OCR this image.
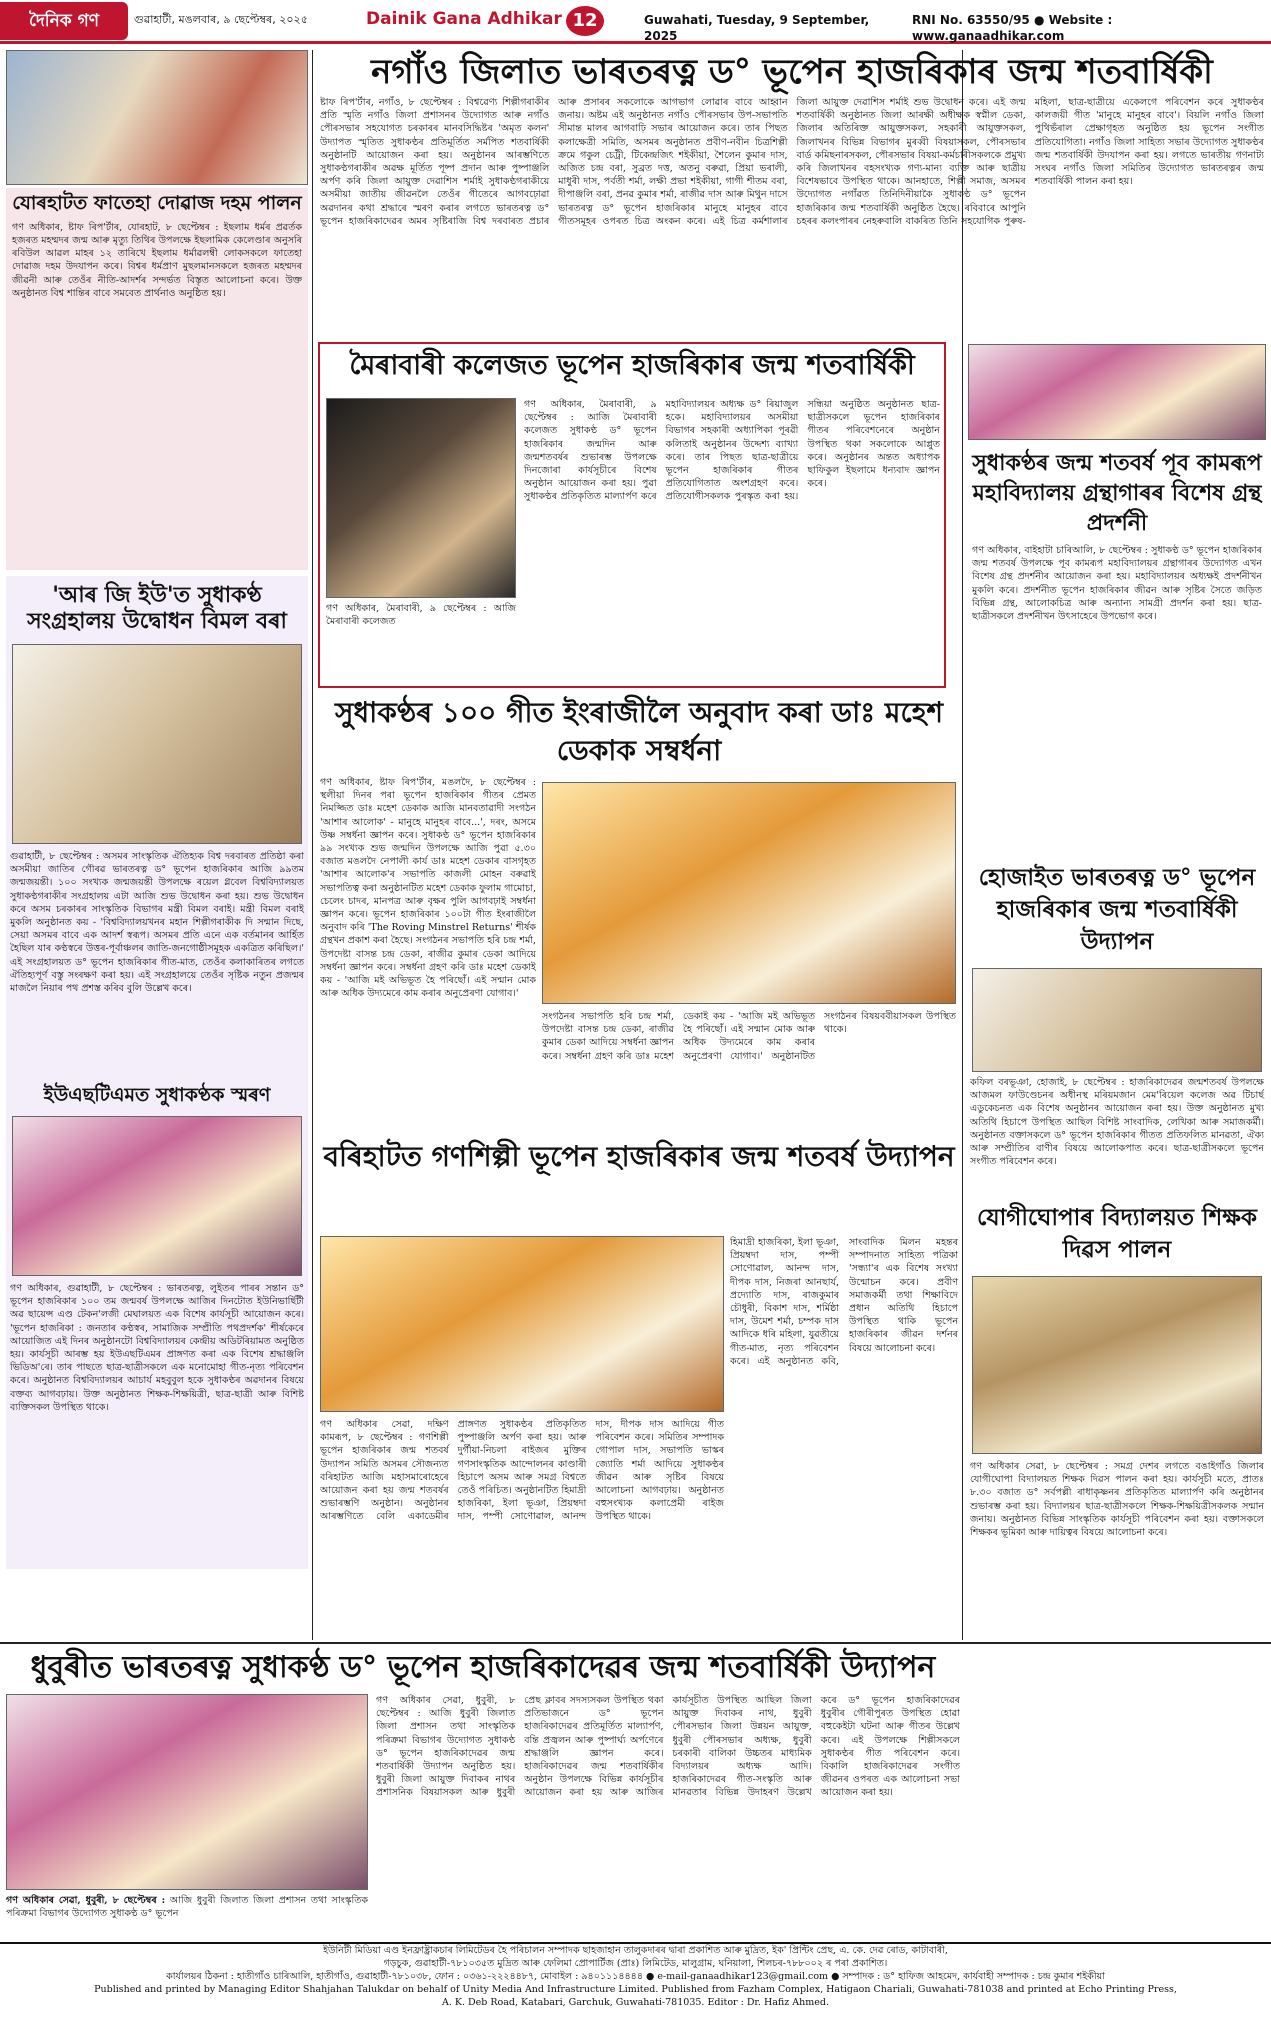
দৈনিক গণ	গুৱাহাটী, মঙলবাৰ, ৯ ছেপ্টেম্বৰ, ২০২৫	Dainik Gana Adhikar 12	Guwahati, Tuesday, 9 September, 2025
RNI No. 63550/95 ● Website : www.ganaadhikar.com
যোৰহাটত ফাতেহা দোৱাজ দহম পালন
গণ অধিকাৰ, ষ্টাফ ৰিপ'ৰ্টাৰ, যোৰহাট, ৮ ছেপ্টেম্বৰ : ইছলাম ধৰ্মৰ প্ৰৱৰ্তক হজৰত মহম্মদৰ জন্ম আৰু মৃত্যু তিথিৰ উপলক্ষে ইছলামিক কেলেণ্ডাৰ অনুসৰি ৰবিউল আৱল মাহৰ ১২ তাৰিখে ইছলাম ধৰ্মাৱলম্বী লোকসকলে ফাতেহা দোৱাজ দহম উদযাপন কৰে। বিশ্বৰ ধৰ্মপ্ৰাণ মুছলমানসকলে হজৰত মহম্মদৰ জীৱনী আৰু তেওঁৰ নীতি-আদৰ্শৰ সন্দৰ্ভত বিস্তৃত আলোচনা কৰে। উক্ত অনুষ্ঠানত বিশ্ব শান্তিৰ বাবে সমবেত প্ৰাৰ্থনাও অনুষ্ঠিত হয়।
'আৰ জি ইউ'ত সুধাকণ্ঠ সংগ্ৰহালয় উদ্বোধন বিমল বৰা
গুৱাহাটী, ৮ ছেপ্টেম্বৰ : অসমৰ সাংস্কৃতিক ঐতিহ্যক বিশ্ব দৰবাৰত প্ৰতিষ্ঠা কৰা অসমীয়া জাতিৰ গৌৰৱ ভাৰতৰত্ন ড° ভূপেন হাজৰিকাৰ আজি ৯৯তম জন্মজয়ন্তী। ১০০ সংখ্যক জন্মজয়ন্তী উপলক্ষে ৰয়েল গ্লবেল বিশ্ববিদ্যালয়ত সুধাকণ্ঠগৰাকীৰ সংগ্ৰহালয় এটা আজি শুভ উদ্বোধন কৰা হয়। শুভ উদ্বোধন কৰে অসম চৰকাৰৰ সাংস্কৃতিক বিভাগৰ মন্ত্ৰী বিমল বৰাই। মন্ত্ৰী বিমল বৰাই মুকলি অনুষ্ঠানত কয় - 'বিশ্ববিদ্যালয়খনৰ মহান শিল্পীগৰাকীক দি সন্মান দিছে, সেয়া অসমৰ বাবে এক আদৰ্শ স্বৰূপ। অসমৰ প্ৰতি এনে এক বৰ্তমানৰ আৰ্হিত হৈছিল যাৰ কণ্ঠস্বৰে উত্তৰ-পূৰ্বাঞ্চলৰ জাতি-জনগোষ্ঠীসমূহক একত্ৰিত কৰিছিল।' এই সংগ্ৰহালয়ত ড° ভূপেন হাজৰিকাৰ গীত-মাত, তেওঁৰ কলাকাৰিতৰ লগতে ঐতিহ্যপূৰ্ণ বস্তু সংৰক্ষণ কৰা হয়। এই সংগ্ৰহালয়ে তেওঁৰ সৃষ্টিক নতুন প্ৰজন্মৰ মাজলৈ নিয়াৰ পথ প্ৰশস্ত কৰিব বুলি উল্লেখ কৰে।
ইউএছটিএমত সুধাকণ্ঠক স্মৰণ
গণ অধিকাৰ, গুৱাহাটী, ৮ ছেপ্টেম্বৰ : ভাৰতৰত্ন, লুইতৰ পাৰৰ সন্তান ড° ভূপেন হাজৰিকাৰ ১০০ তম জন্মবৰ্ষ উপলক্ষে আজিৰ দিনটোত ইউনিভাৰ্ছিটী অৱ ছায়েন্স এণ্ড টেকন'লজী মেঘালয়ত এক বিশেষ কাৰ্যসূচী আয়োজন কৰে। 'ভূপেন হাজৰিকা : জনতাৰ কণ্ঠস্বৰ, সামাজিক সম্প্ৰীতি পথপ্ৰদৰ্শক' শীৰ্ষকেৰে আয়োজিত এই দিনৰ অনুষ্ঠানটো বিশ্ববিদ্যালয়ৰ কেন্দ্ৰীয় অডিটৰিয়ামত অনুষ্ঠিত হয়। কাৰ্যসূচী আৰম্ভ হয় ইউএছটিএমৰ প্ৰাঙ্গণত কৰা এক বিশেষ শ্ৰদ্ধাঞ্জলি ভিডিঅ'ৰে। তাৰ পাছতে ছাত্ৰ-ছাত্ৰীসকলে এক মনোমোহা গীত-নৃত্য পৰিবেশন কৰে। অনুষ্ঠানত বিশ্ববিদ্যালয়ৰ আচাৰ্য মহবুবুল হকে সুধাকণ্ঠৰ অৱদানৰ বিষয়ে বক্তব্য আগবঢ়ায়। উক্ত অনুষ্ঠানত শিক্ষক-শিক্ষয়িত্ৰী, ছাত্ৰ-ছাত্ৰী আৰু বিশিষ্ট ব্যক্তিসকল উপস্থিত থাকে।
নগাঁও জিলাত ভাৰতৰত্ন ড° ভূপেন হাজৰিকাৰ জন্ম শতবাৰ্ষিকী
ষ্টাফ ৰিপ'ৰ্টাৰ, নগাঁও, ৮ ছেপ্টেম্বৰ : বিশ্বৱেণ্য শিল্পীগৰাকীৰ প্ৰতি স্মৃতি নগাঁও জিলা প্ৰশাসনৰ উদ্যোগত আৰু নগাঁও পৌৰসভাৰ সহযোগত চৰকাৰৰ মানবসিদ্ধিষ্টৰ 'অমৃত কলন' উদ্যাপত স্মৃতিত সুধাকণ্ঠৰ প্ৰতিমূৰ্তিত সৰ্মপিত শতবাৰ্ষিকী অনুষ্ঠানটি আয়োজন কৰা হয়। অনুষ্ঠানৰ আৰম্ভণিতে সুধাকণ্ঠগৰাকীৰ অৱক্ষ মূৰ্তিত পূষ্প প্ৰদান আৰু পুষ্পাঞ্জলি অৰ্পণ কৰি জিলা আয়ুক্ত দেৱাশিস শৰ্মাই সুধাকণ্ঠগৰাকীয়ে অসমীয়া জাতীয় জীৱনলৈ তেওঁৰ গীতেৰে আগবঢ়োৱা অৱদানৰ কথা শ্ৰদ্ধাৰে স্মৰণ কৰাৰ লগতে ভাৰতৰত্ন ড° ভূপেন হাজৰিকাদেৱৰ অমৰ সৃষ্টিৰাজি বিশ্ব দৰবাৰত প্ৰচাৰ আৰু প্ৰসাৰৰ সকলোকে আগভাগ লোৱাৰ বাবে আহ্বান জনায়। অষ্টম এই অনুষ্ঠানত নগাঁও পৌৰসভাৰ উপ-সভাপতি সীমান্ত মালৰ আগবাঢ়ি সভাৰ আয়োজন কৰে। তাৰ পিছত কলাক্ষেত্ৰী সমিতি, অসমৰ অনুষ্ঠানত প্ৰবীণ-নবীন চিত্ৰশিল্পী ক্ৰমে গকুল চেট্ৰী, টিকেন্দ্ৰজিৎ শইকীয়া, শৈলেন কুমাৰ দাস, অজিত চন্দ্ৰ বৰা, সুব্ৰত দত্ত, অতনু বৰুৱা, প্ৰিয়া ভৰালী, মাধুৰী দাস, পৰ্বতী শৰ্মা, লক্ষী প্ৰভা শইকীয়া, গাগী শীতম বৰা, দীপাঞ্জলি বৰা, প্ৰনৱ কুমাৰ শৰ্মা, ৰাজীৱ দাস আৰু মিথুন দাসে ভাৰতৰত্ন ড° ভূপেন হাজৰিকাৰ মানুহে মানুহৰ বাবে গীতসমূহৰ ওপৰত চিত্ৰ অংকন কৰে। এই চিত্ৰ কৰ্মশালাৰ জিলা আয়ুক্ত দেৱাশিস শৰ্মাই শুভ উদ্বোধন কৰে। এই জন্ম শতবাৰ্ষিকী অনুষ্ঠানত জিলা আৰক্ষী অধীক্ষক স্বপ্নীল ডেকা, জিলাৰ অতিৰিক্ত আয়ুক্তসকল, সহকাৰী আয়ুক্তসকল, জিলাখনৰ বিভিন্ন বিভাগৰ মুৰব্বী বিষয়াসকল, পৌৰসভাৰ বাৰ্ড কমিছনাৰসকল, পৌৰসভাৰ বিষয়া-কৰ্মচাৰীসকলকে প্ৰমুখ্য কৰি জিলাখনৰ বহসংখ্যক গণ্য-মান্য ব্যক্তি আৰু ছাত্ৰীয় বিশেষভাবে উপস্থিত থাকে। আনহাতে, শিল্পী সমাজ, অসমৰ উদ্যোগত নগাঁৱত তিনিদিনীয়াকৈ সুধাকণ্ঠ ড° ভূপেন হাজৰিকাৰ জন্ম শতবাৰ্ষিকী অনুষ্ঠিত হৈছে। ৰবিবাৰে আপুনি চহৰৰ কলংপাৰৰ নেহৰুবালি বাকৰিত তিনি সহযোগিক পুৰুষ-মহিলা, ছাত্ৰ-ছাত্ৰীয়ে একেলগে পৰিবেশন কৰে সুধাকণ্ঠৰ কালজয়ী গীত 'মানুহে মানুহৰ বাবে'। বিয়লি নগাঁও জিলা পুথিভঁৰাল প্ৰেক্ষাগৃহত অনুষ্ঠিত হয় ভূপেন সংগীত প্ৰতিযোগিতা। নগাঁও জিলা সাহিত্য সভাৰ উদ্যোগত সুধাকণ্ঠৰ জন্ম শতবাৰ্ষিকী উদযাপন কৰা হয়। লগতে ভাৰতীয় গণনাট্য সংঘৰ নগাঁও জিলা সমিতিৰ উদ্যোগত ভাৰতৰত্নৰ জন্ম শতবাৰ্ষিকী পালন কৰা হয়।
মৈৰাবাৰী কলেজত ভূপেন হাজৰিকাৰ জন্ম শতবাৰ্ষিকী
গণ অধিকাৰ, মৈৰাবাৰী, ৯ ছেপ্টেম্বৰ : আজি মৈৰাবাৰী কলেজত
গণ অধিকাৰ, মৈৰাবাৰী, ৯ ছেপ্টেম্বৰ : আজি মৈৰাবাৰী কলেজত সুধাকণ্ঠ ড° ভূপেন হাজৰিকাৰ জন্মদিন আৰু জন্মশতবৰ্ষৰ শুভাৰম্ভ উপলক্ষে দিনজোৰা কাৰ্যসূচীৰে বিশেষ অনুষ্ঠান আয়োজন কৰা হয়। পুৱা সুধাকণ্ঠৰ প্ৰতিকৃতিত মাল্যাৰ্পণ কৰে মহাবিদ্যালয়ৰ অধ্যক্ষ ড° ৰিয়াজুল হকে। মহাবিদ্যালয়ৰ অসমীয়া বিভাগৰ সহকাৰী অধ্যাপিকা পূৰৱী কলিতাই অনুষ্ঠানৰ উদ্দেশ্য ব্যাখ্যা কৰে। তাৰ পিছত ছাত্ৰ-ছাত্ৰীয়ে ভূপেন হাজৰিকাৰ গীতৰ প্ৰতিযোগিতাত অংশগ্ৰহণ কৰে। প্ৰতিযোগীসকলক পুৰস্কৃত কৰা হয়। সন্ধিয়া অনুষ্ঠিত অনুষ্ঠানত ছাত্ৰ-ছাত্ৰীসকলে ভূপেন হাজৰিকাৰ গীতৰ পৰিবেশনেৰে অনুষ্ঠান উপস্থিত থকা সকলোকে আপ্লুত কৰে। অনুষ্ঠানৰ অন্তত অধ্যাপক ছাফিকুল ইছলামে ধন্যবাদ জ্ঞাপন কৰে।
সুধাকণ্ঠৰ জন্ম শতবৰ্ষ পূব কামৰূপ মহাবিদ্যালয় গ্ৰন্থাগাৰৰ বিশেষ গ্ৰন্থ প্ৰদৰ্শনী
গণ অধিকাৰ, বাইহাটা চাৰিআলি, ৮ ছেপ্টেম্বৰ : সুধাকণ্ঠ ড° ভূপেন হাজৰিকাৰ জন্ম শতবৰ্ষ উপলক্ষে পূব কামৰূপ মহাবিদ্যালয়ৰ গ্ৰন্থাগাৰৰ উদ্যোগত এখন বিশেষ গ্ৰন্থ প্ৰদৰ্শনীৰ আয়োজন কৰা হয়। মহাবিদ্যালয়ৰ অধ্যক্ষই প্ৰদৰ্শনীখন মুকলি কৰে। প্ৰদৰ্শনীত ভূপেন হাজৰিকাৰ জীৱন আৰু সৃষ্টিৰ সৈতে জড়িত বিভিন্ন গ্ৰন্থ, আলোকচিত্ৰ আৰু অন্যান্য সামগ্ৰী প্ৰদৰ্শন কৰা হয়। ছাত্ৰ-ছাত্ৰীসকলে প্ৰদৰ্শনীখন উৎসাহেৰে উপভোগ কৰে।
হোজাইত ভাৰতৰত্ন ড° ভূপেন হাজৰিকাৰ জন্ম শতবাৰ্ষিকী উদ্যাপন
কফিল বৰভূঞা, হোজাই, ৮ ছেপ্টেম্বৰ : হাজৰিকাদেৱৰ জন্মশতবৰ্ষ উপলক্ষে আজমল ফাউণ্ডেচনৰ অধীনস্থ মৰিয়মজান মেম'ৰিয়েল কলেজ অৱ টিচাৰ্ছ এডুকেচনত এক বিশেষ অনুষ্ঠানৰ আয়োজন কৰা হয়। উক্ত অনুষ্ঠানত মুখ্য অতিথি হিচাপে উপস্থিত আছিল বিশিষ্ট সাংবাদিক, লেখিকা আৰু সমাজকৰ্মী। অনুষ্ঠানত বক্তাসকলে ড° ভূপেন হাজৰিকাৰ গীতত প্ৰতিফলিত মানৱতা, ঐক্য আৰু সম্প্ৰীতিৰ বাণীৰ বিষয়ে আলোকপাত কৰে। ছাত্ৰ-ছাত্ৰীসকলে ভূপেন সংগীত পৰিবেশন কৰে।
যোগীঘোপাৰ বিদ্যালয়ত শিক্ষক দিৱস পালন
গণ অধিকাৰ সেৱা, ৮ ছেপ্টেম্বৰ : সমগ্ৰ দেশৰ লগতে বঙাইগাঁও জিলাৰ যোগীঘোপা বিদ্যালয়ত শিক্ষক দিৱস পালন কৰা হয়। কাৰ্যসূচী মতে, প্ৰাতঃ ৮.৩০ বজাত ড° সৰ্বপল্লী ৰাধাকৃষ্ণনৰ প্ৰতিকৃতিত মাল্যাৰ্পণ কৰি অনুষ্ঠানৰ শুভাৰম্ভ কৰা হয়। বিদ্যালয়ৰ ছাত্ৰ-ছাত্ৰীসকলে শিক্ষক-শিক্ষয়িত্ৰীসকলক সন্মান জনায়। অনুষ্ঠানত বিভিন্ন সাংস্কৃতিক কাৰ্যসূচী পৰিবেশন কৰা হয়। বক্তাসকলে শিক্ষকৰ ভূমিকা আৰু দায়িত্বৰ বিষয়ে আলোচনা কৰে।
সুধাকণ্ঠৰ ১০০ গীত ইংৰাজীলৈ অনুবাদ কৰা ডাঃ মহেশ ডেকাক সম্বৰ্ধনা
গণ অধিকাৰ, ষ্টাফ ৰিপ'ৰ্টাৰ, মঙলদৈ, ৮ ছেপ্টেম্বৰ : স্থলীয়া দিনৰ পৰা ভূপেন হাজৰিকাৰ গীতৰ প্ৰেমত নিমজ্জিত ডাঃ মহেশ ডেকাক আজি মানবতাৱাদী সংগঠন 'আশাৰ আলোক' - মানুহে মানুহৰ বাবে...', দৰং, অসমে উষ্ণ সম্বৰ্ধনা জ্ঞাপন কৰে। সুধাকণ্ঠ ড° ভূপেন হাজৰিকাৰ ৯৯ সংখ্যক শুভ জন্মদিন উপলক্ষে আজি পুৱা ৫.৩০ বজাত মঙলদৈ নেপালী কাৰ্য ডাঃ মহেশ ডেকাৰ বাসগৃহত 'আশাৰ আলোক'ৰ সভাপতি কাজলী মোহন বৰুৱাই সভাপতিত্ব কৰা অনুষ্ঠানটিত মহেশ ডেকাক ফুলাম গামোচা, চেলেং চাদৰ, মানপত্ৰ আৰু বৃক্ষৰ পুলি আগবঢ়াই সম্বৰ্ধনা জ্ঞাপন কৰে। ভূপেন হাজৰিকাৰ ১০০টা গীত ইংৰাজীলৈ অনুবাদ কৰি 'The Roving Minstrel Returns' শীৰ্ষক গ্ৰন্থখন প্ৰকাশ কৰা হৈছে। সংগঠনৰ সভাপতি হৰি চন্দ্ৰ শৰ্মা, উপদেষ্টা বাসন্ত চন্দ্ৰ ডেকা, ৰাজীৱ কুমাৰ ডেকা আদিয়ে সম্বৰ্ধনা জ্ঞাপন কৰে। সম্বৰ্ধনা গ্ৰহণ কৰি ডাঃ মহেশ ডেকাই কয় - 'আজি মই অভিভূত হৈ পৰিছোঁ। এই সন্মান মোক আৰু অধিক উদ্যমেৰে কাম কৰাৰ অনুপ্ৰেৰণা যোগাব।'
সংগঠনৰ সভাপতি হৰি চন্দ্ৰ শৰ্মা, উপদেষ্টা বাসন্ত চন্দ্ৰ ডেকা, ৰাজীৱ কুমাৰ ডেকা আদিয়ে সম্বৰ্ধনা জ্ঞাপন কৰে। সম্বৰ্ধনা গ্ৰহণ কৰি ডাঃ মহেশ ডেকাই কয় - 'আজি মই অভিভূত হৈ পৰিছোঁ। এই সন্মান মোক আৰু অধিক উদ্যমেৰে কাম কৰাৰ অনুপ্ৰেৰণা যোগাব।' অনুষ্ঠানটিত সংগঠনৰ বিষয়ববীয়াসকল উপস্থিত থাকে।
বৰিহাটত গণশিল্পী ভূপেন হাজৰিকাৰ জন্ম শতবৰ্ষ উদ্যাপন
হিমাদ্ৰী হাজৰিকা, ইলা ভূঞা, প্ৰিয়ম্বদা দাস, পম্পী সোণোৱাল, আনন্দ দাস, দীপক দাস, নিজৰা আনছাৰ্য, প্ৰদ্যোতি দাস, ৰাজকুমাৰ চৌধুৰী, বিকাশ দাস, শৰ্মিষ্ঠা দাস, উমেশ শৰ্মা, চম্পক দাস আদিকে ধৰি মহিলা, যুৱতীয়ে গীত-মাত, নৃত্য পৰিবেশন কৰে। এই অনুষ্ঠানত কবি, সাংবাদিক মিলন মহন্তৰ সম্পাদনাত সাহিত্য পত্ৰিকা 'সন্ধ্যা'ৰ এক বিশেষ সংখ্যা উন্মোচন কৰে। প্ৰবীণ সমাজকৰ্মী তথা শিক্ষাবিদে প্ৰধান অতিথি হিচাপে উপস্থিত থাকি ভূপেন হাজৰিকাৰ জীৱন দৰ্শনৰ বিষয়ে আলোচনা কৰে।
গণ অধিকাৰ সেৱা, দক্ষিণ কামৰূপ, ৮ ছেপ্টেম্বৰ : গণশিল্পী ভূপেন হাজৰিকাৰ জন্ম শতবৰ্ষ উদ্যাপন সমিতি অসমৰ সৌজন্যত বৰিহাটত আজি মহাসমাৰোহেৰে আয়োজন কৰা হয় জন্ম শতবৰ্ষৰ শুভাৰম্ভণি অনুষ্ঠান। অনুষ্ঠানৰ আৰম্ভণিতে বেলি একাডেমীৰ প্ৰাঙ্গণত সুধাকণ্ঠৰ প্ৰতিকৃতিত পুষ্পাঞ্জলি অৰ্পণ কৰা হয়। আৰু দুৰ্গীয়া-নিচলা ৰাইজৰ মুক্তিৰ গণসাংস্কৃতিক আন্দোলনৰ কাণ্ডাৰী হিচাপে অসম আৰু সমগ্ৰ বিশ্বতে তেওঁ পৰিচিত। অনুষ্ঠানটিত হিমাদ্ৰী হাজৰিকা, ইলা ভূঞা, প্ৰিয়ম্বদা দাস, পম্পী সোণোৱাল, আনন্দ দাস, দীপক দাস আদিয়ে গীত পৰিবেশন কৰে। সমিতিৰ সম্পাদক গোপাল দাস, সভাপতি ভাস্কৰ জ্যোতি শৰ্মা আদিয়ে সুধাকণ্ঠৰ জীৱন আৰু সৃষ্টিৰ বিষয়ে আলোচনা আগবঢ়ায়। অনুষ্ঠানত বহুসংখ্যক কলাপ্ৰেমী ৰাইজ উপস্থিত থাকে।
ধুবুৰীত ভাৰতৰত্ন সুধাকণ্ঠ ড° ভূপেন হাজৰিকাদেৱৰ জন্ম শতবাৰ্ষিকী উদ্যাপন
গণ অধিকাৰ সেৱা, ধুবুৰী, ৮ ছেপ্টেম্বৰ : আজি ধুবুৰী জিলাত জিলা প্ৰশাসন তথা সাংস্কৃতিক পৰিক্ৰমা বিভাগৰ উদ্যোগত সুধাকণ্ঠ ড° ভূপেন হাজৰিকাদেৱৰ জন্ম শতবাৰ্ষিকী উদ্যাপন অনুষ্ঠিত হয়। ধুবুৰী জিলা আয়ুক্ত দিবাকৰ নাথৰ প্ৰশাসনিক বিষয়াসকল আৰু ধুবুৰী প্ৰেছ ক্লাবৰ সদস্যসকল উপস্থিত থকা প্ৰতিভাজনে ড° ভূপেন হাজৰিকাদেৱৰ প্ৰতিমূৰ্তিত মাল্যাৰ্পণ, বন্তি প্ৰজ্বলন আৰু পুষ্পাৰ্ঘ্য অৰ্পণেৰে শ্ৰদ্ধাঞ্জলি জ্ঞাপন কৰে। হাজৰিকাদেৱৰ জন্ম শতবাৰ্ষিকীৰ অনুষ্ঠান উপলক্ষে বিভিন্ন কাৰ্যসূচীৰ আয়োজন কৰা হয় আৰু আজিৰ কাৰ্যসূচীত উপস্থিত আছিল জিলা আয়ুক্ত দিবাকৰ নাথ, ধুবুৰী পৌৰসভাৰ জিলা উন্নয়ন আয়ুক্ত, ধুবুৰী পৌৰসভাৰ অধ্যক্ষ, ধুবুৰী চৰকাৰী বালিকা উচ্চতৰ মাধ্যমিক বিদ্যালয়ৰ অধ্যক্ষ আদি। হাজৰিকাদেৱৰ গীত-সংস্কৃতি আৰু মানৱতাৰ বিভিন্ন উদাহৰণ উল্লেখ কৰে ড° ভূপেন হাজৰিকাদেৱৰ ধুবুৰীৰ গৌৰীপুৰত উপস্থিত হোৱা বহুকেইটা ঘটনা আৰু গীতৰ উল্লেখ কৰে। এই উপলক্ষে শিল্পীসকলে সুধাকণ্ঠৰ গীত পৰিবেশন কৰে। বিকালি হাজৰিকাদেৱৰ সংগীত জীৱনৰ ওপৰত এক আলোচনা সভা আয়োজন কৰা হয়।
গণ অধিকাৰ সেৱা, ধুবুৰী, ৮ ছেপ্টেম্বৰ : আজি ধুবুৰী জিলাত জিলা প্ৰশাসন তথা সাংস্কৃতিক পৰিক্ৰমা বিভাগৰ উদ্যোগত সুধাকণ্ঠ ড° ভূপেন
ইউনিটী মিডিয়া এণ্ড ইনফ্ৰাষ্ট্ৰাকচাৰ লিমিটেডৰ হৈ পৰিচালন সম্পাদক ছাহজাহান তালুকদাৰৰ দ্বাৰা প্ৰকাশিত আৰু মুদ্ৰিত, ইক' প্ৰিন্টিং প্ৰেছ, এ. কে. দেৱ ৰোড, কাটাবাৰী,
গড়চুক, গুৱাহাটী-৭৮১০৩৫ত মুদ্ৰিত আৰু ফেলিমা প্ৰোপাৰ্টিজ (প্ৰাঃ) লিমিটেড, মালুগ্ৰাম, ঘনিয়ালা, শিলচৰ-৭৮৮০০২ ৰ পৰা প্ৰকাশিত।
কাৰ্যালয়ৰ ঠিকনা : হাতীগাঁও চাৰিআলি, হাতীগাঁও, গুৱাহাটী-৭৮১০৩৮, ফোন : ০৩৬১-২২২৪৪৮৭, মোবাইল : ৯৪০১১১৪৪৪৪ ● e-mail-ganaadhikar123@gmail.com ● সম্পাদক : ড° হাফিজ আহমেদ, কাৰ্যবাহী সম্পাদক : চন্দ্ৰ কুমাৰ শইকীয়া
Published and printed by Managing Editor Shahjahan Talukdar on behalf of Unity Media And Infrastructure Limited. Published from Fazham Complex, Hatigaon Chariali, Guwahati-781038 and printed at Echo Printing Press,
A. K. Deb Road, Katabari, Garchuk, Guwahati-781035. Editor : Dr. Hafiz Ahmed.
